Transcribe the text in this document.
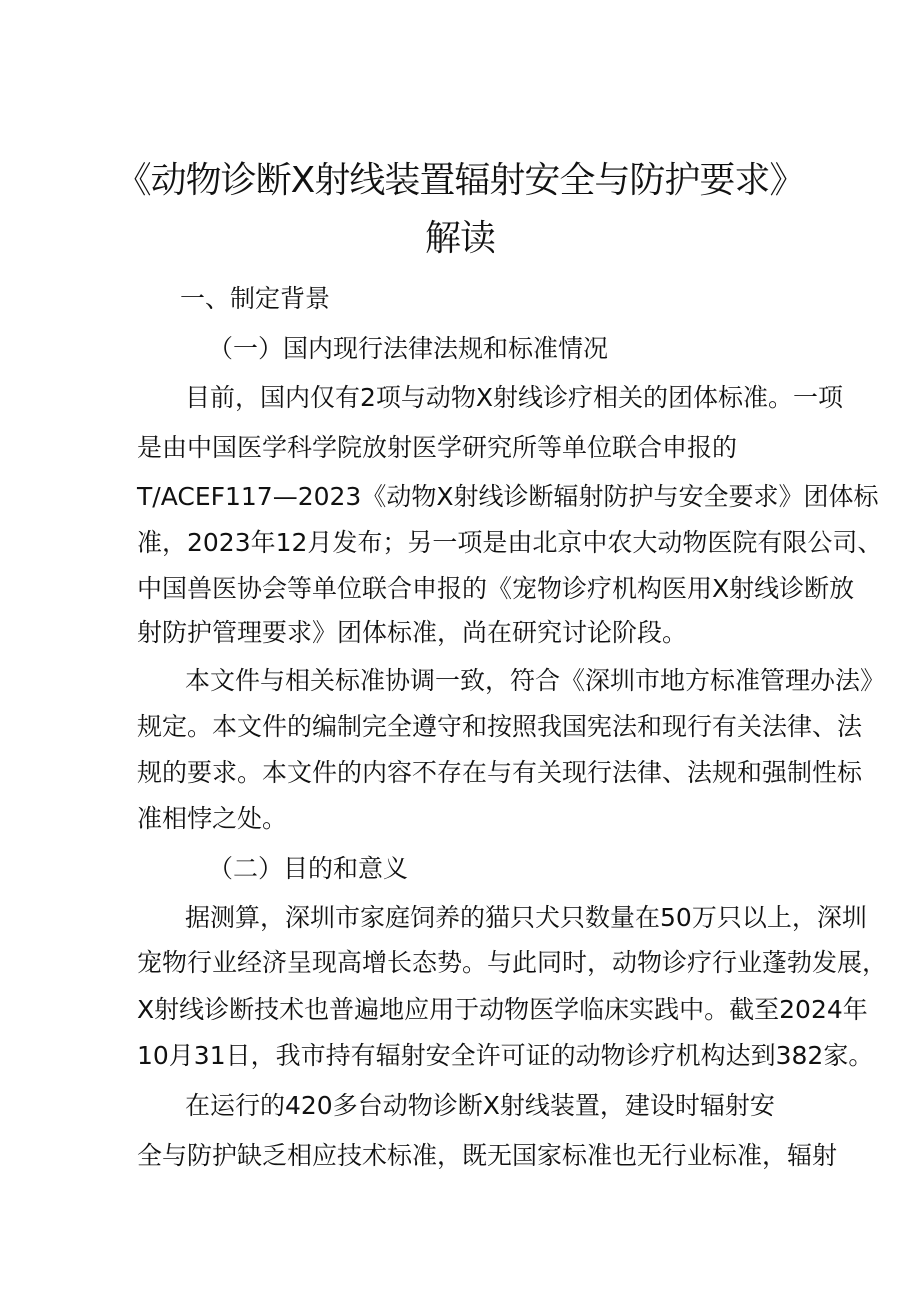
《动物诊断X射线装置辐射安全与防护要求》
解读
一、制定背景
（一）国内现行法律法规和标准情况
目前，国内仅有2项与动物X射线诊疗相关的团体标准。一项
是由中国医学科学院放射医学研究所等单位联合申报的
T/ACEF117—2023《动物X射线诊断辐射防护与安全要求》团体标
准，2023年12月发布；另一项是由北京中农大动物医院有限公司、
中国兽医协会等单位联合申报的《宠物诊疗机构医用X射线诊断放
射防护管理要求》团体标准，尚在研究讨论阶段。
本文件与相关标准协调一致，符合《深圳市地方标准管理办法》
规定。本文件的编制完全遵守和按照我国宪法和现行有关法律、法
规的要求。本文件的内容不存在与有关现行法律、法规和强制性标
准相悖之处。
（二）目的和意义
据测算，深圳市家庭饲养的猫只犬只数量在50万只以上，深圳
宠物行业经济呈现高增长态势。与此同时，动物诊疗行业蓬勃发展，
X射线诊断技术也普遍地应用于动物医学临床实践中。截至2024年
10月31日，我市持有辐射安全许可证的动物诊疗机构达到382家。
在运行的420多台动物诊断X射线装置，建设时辐射安
全与防护缺乏相应技术标准，既无国家标准也无行业标准，辐射
